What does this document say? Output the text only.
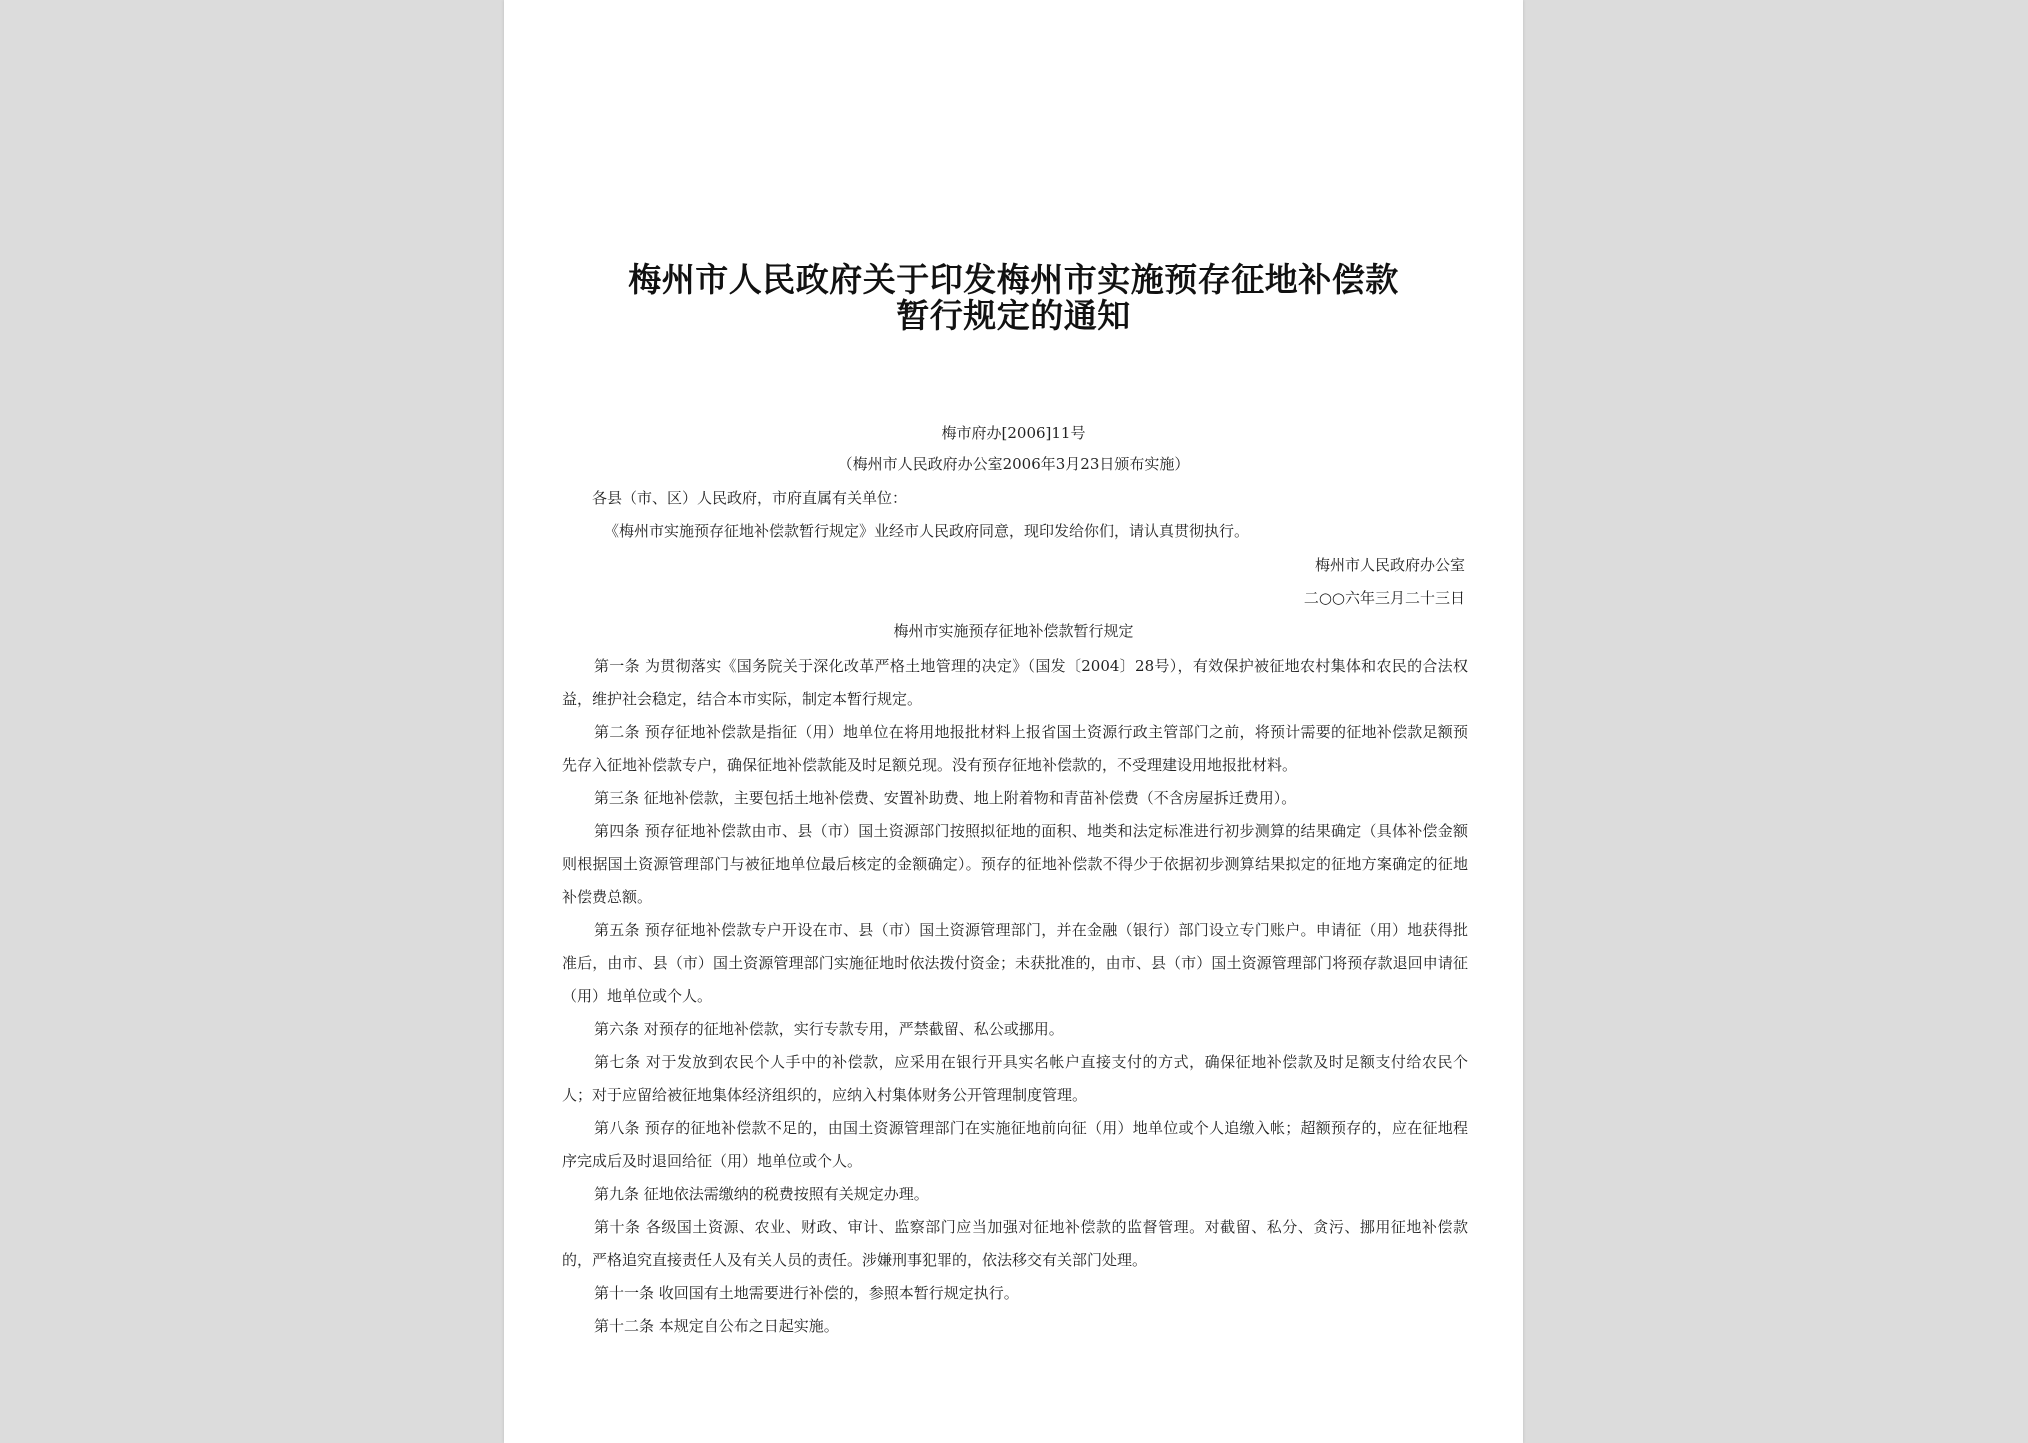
梅州市人民政府关于印发梅州市实施预存征地补偿款
暂行规定的通知
梅市府办[2006]11号
（梅州市人民政府办公室2006年3月23日颁布实施）
各县（市、区）人民政府，市府直属有关单位：
《梅州市实施预存征地补偿款暂行规定》业经市人民政府同意，现印发给你们，请认真贯彻执行。
梅州市人民政府办公室
二○○六年三月二十三日
梅州市实施预存征地补偿款暂行规定

第一条 为贯彻落实《国务院关于深化改革严格土地管理的决定》（国发〔2004〕28号），有效保护被征地农村集体和农民的合法权益，维护社会稳定，结合本市实际，制定本暂行规定。

第二条 预存征地补偿款是指征（用）地单位在将用地报批材料上报省国土资源行政主管部门之前，将预计需要的征地补偿款足额预先存入征地补偿款专户，确保征地补偿款能及时足额兑现。没有预存征地补偿款的，不受理建设用地报批材料。

第三条 征地补偿款，主要包括土地补偿费、安置补助费、地上附着物和青苗补偿费（不含房屋拆迁费用）。

第四条 预存征地补偿款由市、县（市）国土资源部门按照拟征地的面积、地类和法定标准进行初步测算的结果确定（具体补偿金额则根据国土资源管理部门与被征地单位最后核定的金额确定）。预存的征地补偿款不得少于依据初步测算结果拟定的征地方案确定的征地补偿费总额。

第五条 预存征地补偿款专户开设在市、县（市）国土资源管理部门，并在金融（银行）部门设立专门账户。申请征（用）地获得批准后，由市、县（市）国土资源管理部门实施征地时依法拨付资金；未获批准的，由市、县（市）国土资源管理部门将预存款退回申请征（用）地单位或个人。

第六条 对预存的征地补偿款，实行专款专用，严禁截留、私公或挪用。

第七条 对于发放到农民个人手中的补偿款，应采用在银行开具实名帐户直接支付的方式，确保征地补偿款及时足额支付给农民个人；对于应留给被征地集体经济组织的，应纳入村集体财务公开管理制度管理。

第八条 预存的征地补偿款不足的，由国土资源管理部门在实施征地前向征（用）地单位或个人追缴入帐；超额预存的，应在征地程序完成后及时退回给征（用）地单位或个人。

第九条 征地依法需缴纳的税费按照有关规定办理。

第十条 各级国土资源、农业、财政、审计、监察部门应当加强对征地补偿款的监督管理。对截留、私分、贪污、挪用征地补偿款的，严格追究直接责任人及有关人员的责任。涉嫌刑事犯罪的，依法移交有关部门处理。

第十一条 收回国有土地需要进行补偿的，参照本暂行规定执行。

第十二条 本规定自公布之日起实施。
